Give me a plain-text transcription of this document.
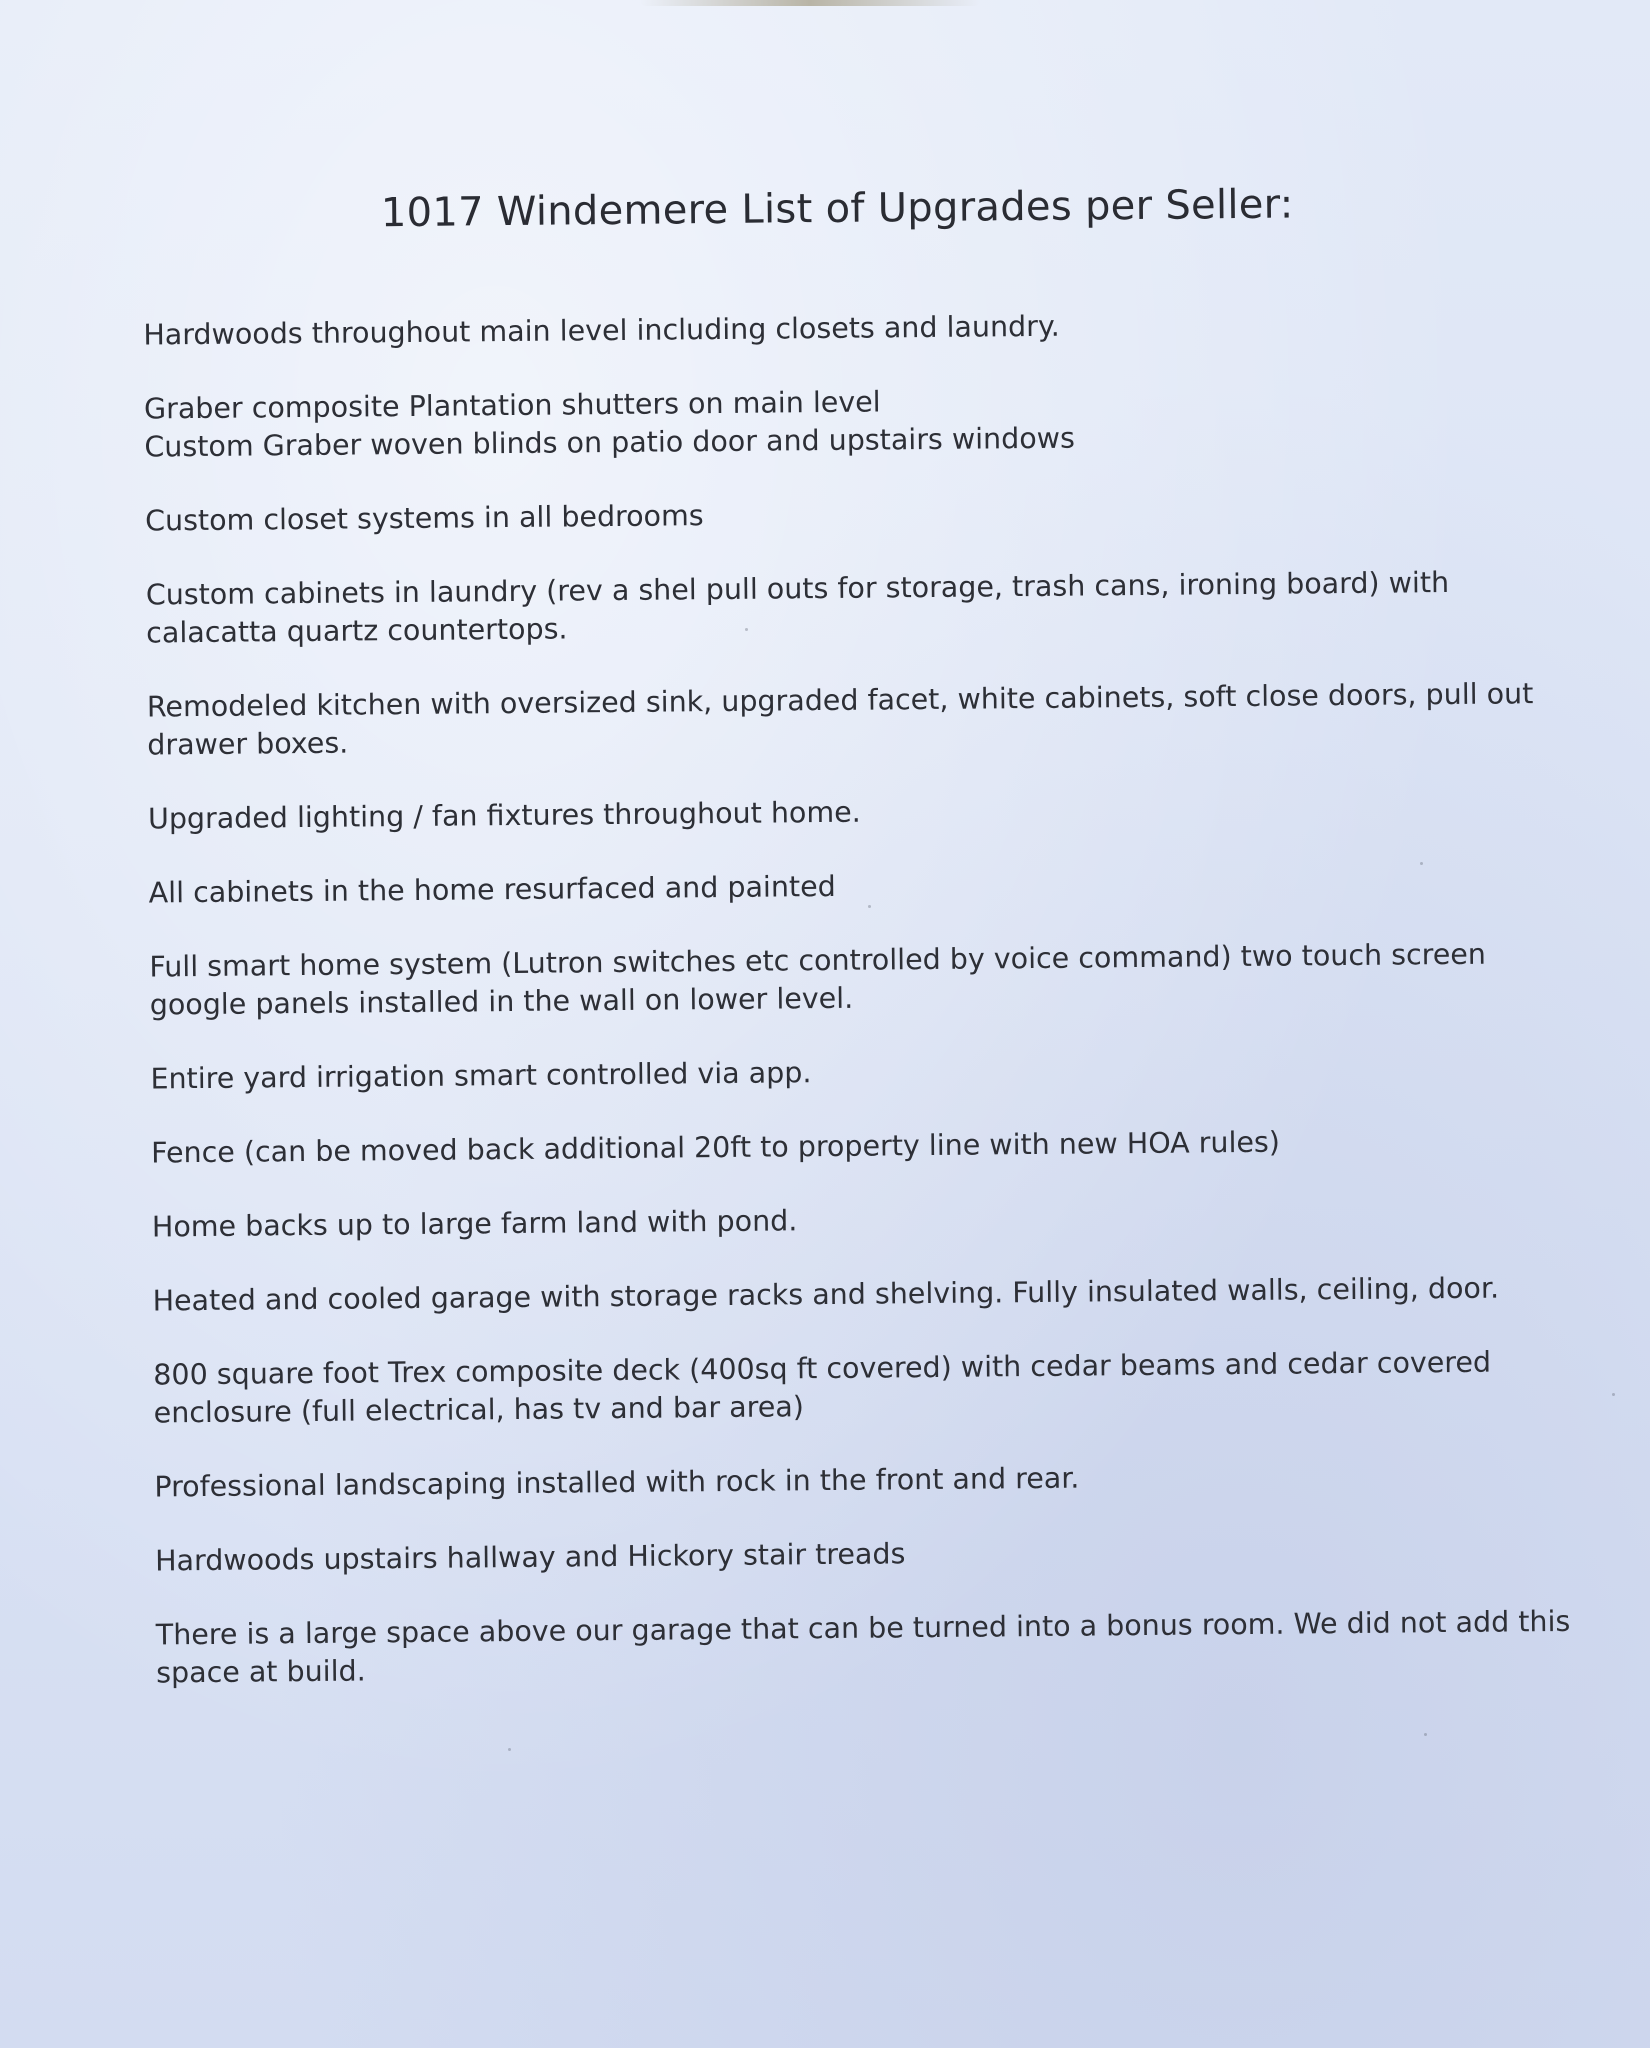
1017 Windemere List of Upgrades per Seller:
Hardwoods throughout main level including closets and laundry.
Graber composite Plantation shutters on main level
Custom Graber woven blinds on patio door and upstairs windows
Custom closet systems in all bedrooms
Custom cabinets in laundry (rev a shel pull outs for storage, trash cans, ironing board) with
calacatta quartz countertops.
Remodeled kitchen with oversized sink, upgraded facet, white cabinets, soft close doors, pull out
drawer boxes.
Upgraded lighting / fan fixtures throughout home.
All cabinets in the home resurfaced and painted
Full smart home system (Lutron switches etc controlled by voice command) two touch screen
google panels installed in the wall on lower level.
Entire yard irrigation smart controlled via app.
Fence (can be moved back additional 20ft to property line with new HOA rules)
Home backs up to large farm land with pond.
Heated and cooled garage with storage racks and shelving. Fully insulated walls, ceiling, door.
800 square foot Trex composite deck (400sq ft covered) with cedar beams and cedar covered
enclosure (full electrical, has tv and bar area)
Professional landscaping installed with rock in the front and rear.
Hardwoods upstairs hallway and Hickory stair treads
There is a large space above our garage that can be turned into a bonus room. We did not add this
space at build.
